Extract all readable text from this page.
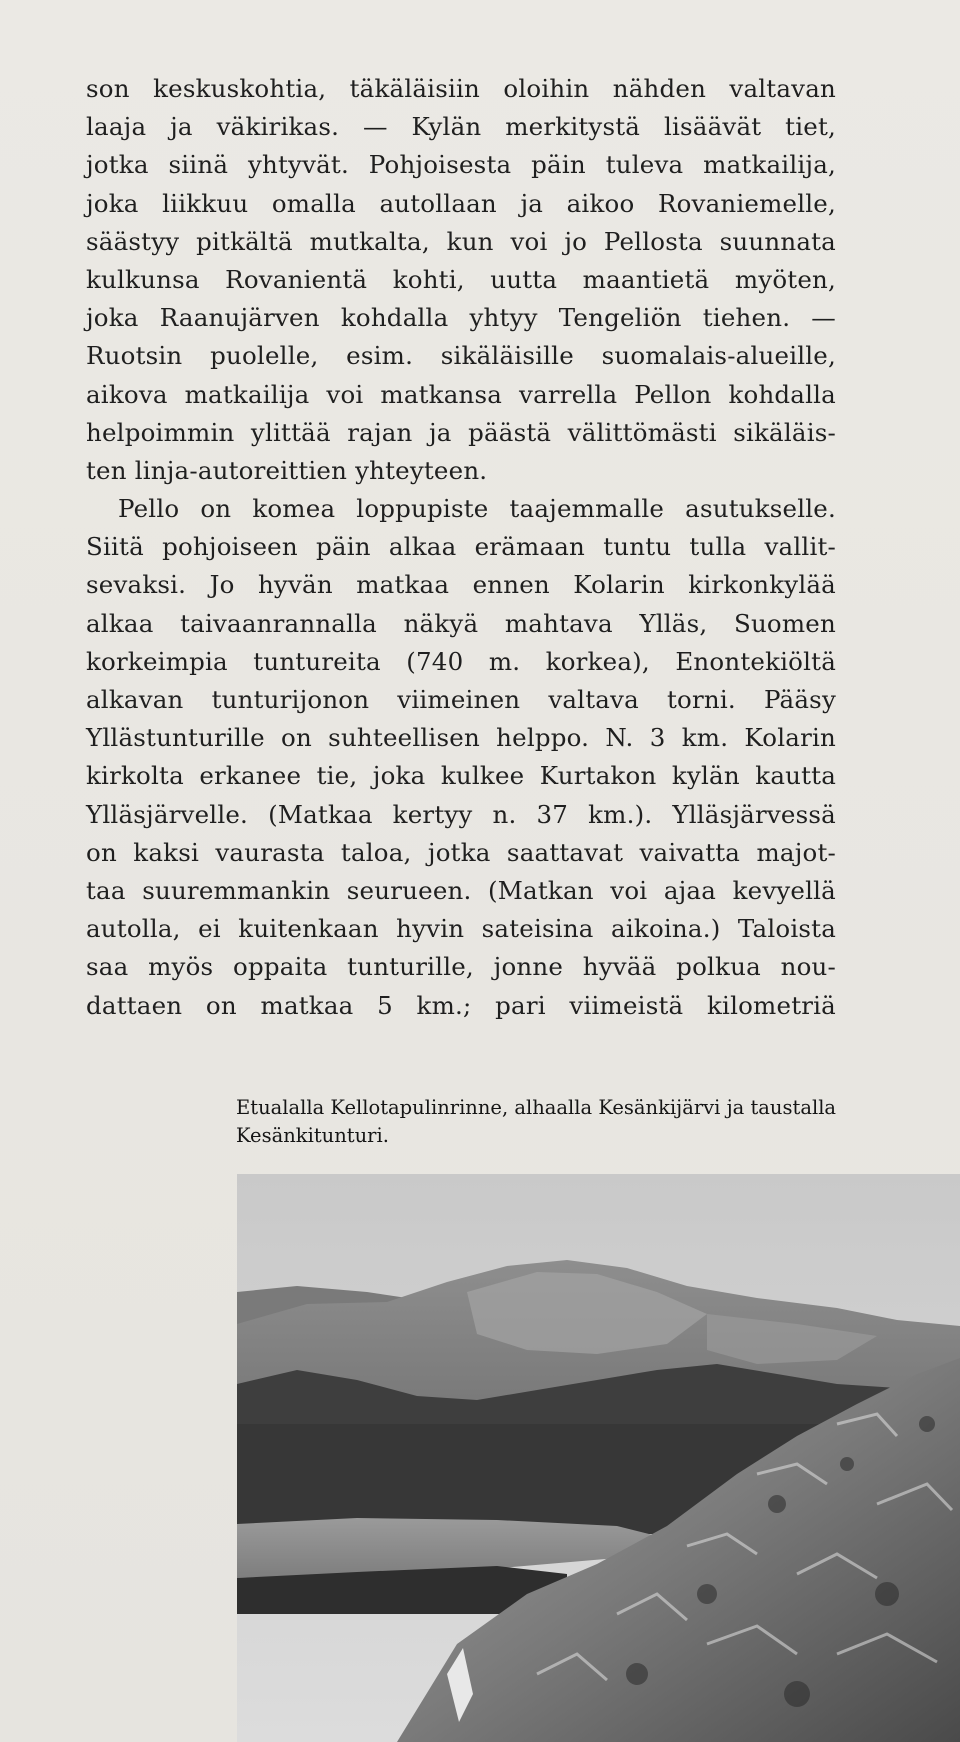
son keskuskohtia, täkäläisiin oloihin nähden valtavan
laaja ja väkirikas. — Kylän merkitystä lisäävät tiet,
jotka siinä yhtyvät. Pohjoisesta päin tuleva matkailija,
joka liikkuu omalla autollaan ja aikoo Rovaniemelle,
säästyy pitkältä mutkalta, kun voi jo Pellosta suunnata
kulkunsa Rovanientä kohti, uutta maantietä myöten,
joka Raanujärven kohdalla yhtyy Tengeliön tiehen. —
Ruotsin puolelle, esim. sikäläisille suomalais-alueille,
aikova matkailija voi matkansa varrella Pellon kohdalla
helpoimmin ylittää rajan ja päästä välittömästi sikäläis-
ten linja-autoreittien yhteyteen.
Pello on komea loppupiste taajemmalle asutukselle.
Siitä pohjoiseen päin alkaa erämaan tuntu tulla vallit-
sevaksi. Jo hyvän matkaa ennen Kolarin kirkonkylää
alkaa taivaanrannalla näkyä mahtava Ylläs, Suomen
korkeimpia tuntureita (740 m. korkea), Enontekiöltä
alkavan tunturijonon viimeinen valtava torni. Pääsy
Yllästunturille on suhteellisen helppo. N. 3 km. Kolarin
kirkolta erkanee tie, joka kulkee Kurtakon kylän kautta
Ylläsjärvelle. (Matkaa kertyy n. 37 km.). Ylläsjärvessä
on kaksi vaurasta taloa, jotka saattavat vaivatta majot-
taa suuremmankin seurueen. (Matkan voi ajaa kevyellä
autolla, ei kuitenkaan hyvin sateisina aikoina.) Taloista
saa myös oppaita tunturille, jonne hyvää polkua nou-
dattaen on matkaa 5 km.; pari viimeistä kilometriä
Etualalla Kellotapulinrinne, alhaalla Kesänkijärvi ja taustalla
Kesänkitunturi.
